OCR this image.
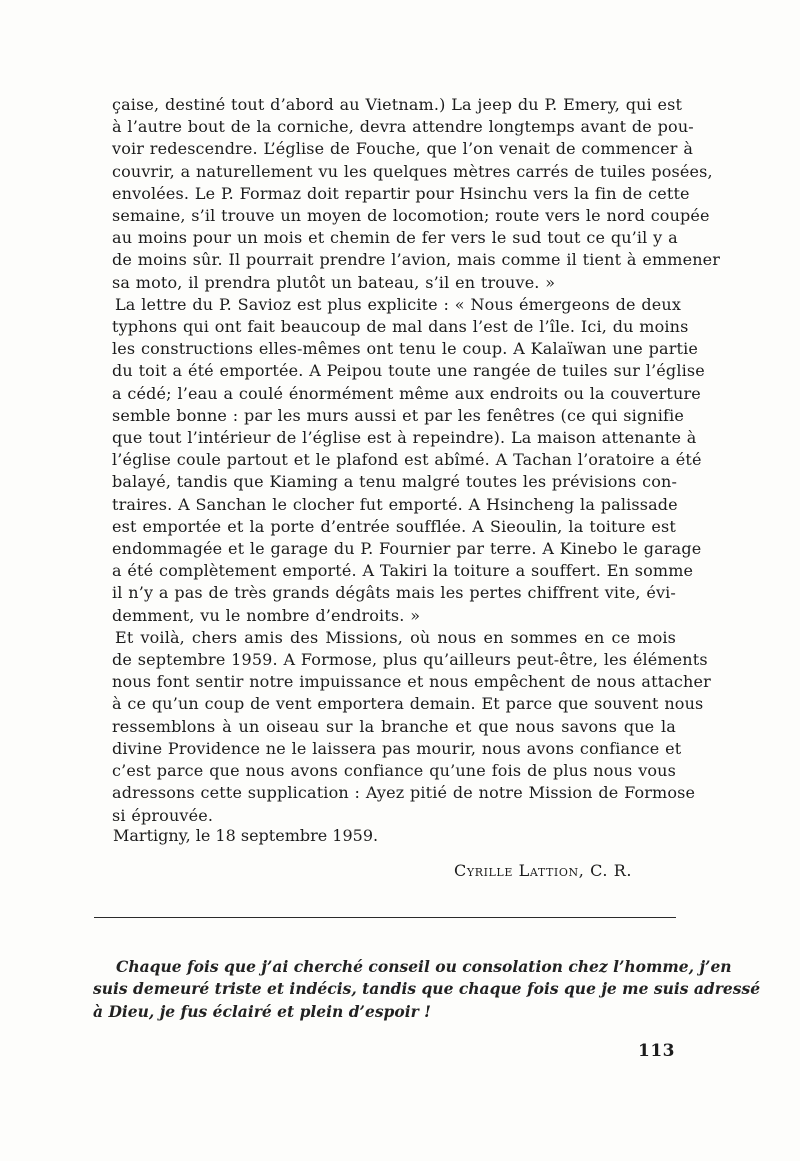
çaise, destiné tout d’abord au Vietnam.) La jeep du P. Emery, qui est
à l’autre bout de la corniche, devra attendre longtemps avant de pou-
voir redescendre. L’église de Fouche, que l’on venait de commencer à
couvrir, a naturellement vu les quelques mètres carrés de tuiles posées,
envolées. Le P. Formaz doit repartir pour Hsinchu vers la fin de cette
semaine, s’il trouve un moyen de locomotion; route vers le nord coupée
au moins pour un mois et chemin de fer vers le sud tout ce qu’il y a
de moins sûr. Il pourrait prendre l’avion, mais comme il tient à emmener
sa moto, il prendra plutôt un bateau, s’il en trouve. »

La lettre du P. Savioz est plus explicite : « Nous émergeons de deux
typhons qui ont fait beaucoup de mal dans l’est de l’île. Ici, du moins
les constructions elles-mêmes ont tenu le coup. A Kalaïwan une partie
du toit a été emportée. A Peipou toute une rangée de tuiles sur l’église
a cédé; l’eau a coulé énormément même aux endroits ou la couverture
semble bonne : par les murs aussi et par les fenêtres (ce qui signifie
que tout l’intérieur de l’église est à repeindre). La maison attenante à
l’église coule partout et le plafond est abîmé. A Tachan l’oratoire a été
balayé, tandis que Kiaming a tenu malgré toutes les prévisions con-
traires. A Sanchan le clocher fut emporté. A Hsincheng la palissade
est emportée et la porte d’entrée soufflée. A Sieoulin, la toiture est
endommagée et le garage du P. Fournier par terre. A Kinebo le garage
a été complètement emporté. A Takiri la toiture a souffert. En somme
il n’y a pas de très grands dégâts mais les pertes chiffrent vite, évi-
demment, vu le nombre d’endroits. »

Et voilà, chers amis des Missions, où nous en sommes en ce mois
de septembre 1959. A Formose, plus qu’ailleurs peut-être, les éléments
nous font sentir notre impuissance et nous empêchent de nous attacher
à ce qu’un coup de vent emportera demain. Et parce que souvent nous
ressemblons à un oiseau sur la branche et que nous savons que la
divine Providence ne le laissera pas mourir, nous avons confiance et
c’est parce que nous avons confiance qu’une fois de plus nous vous
adressons cette supplication : Ayez pitié de notre Mission de Formose
si éprouvée.

Martigny, le 18 septembre 1959.
Cyrille Lattion, C. R.
Chaque fois que j’ai cherché conseil ou consolation chez l’homme, j’en
suis demeuré triste et indécis, tandis que chaque fois que je me suis adressé
à Dieu, je fus éclairé et plein d’espoir !
113
